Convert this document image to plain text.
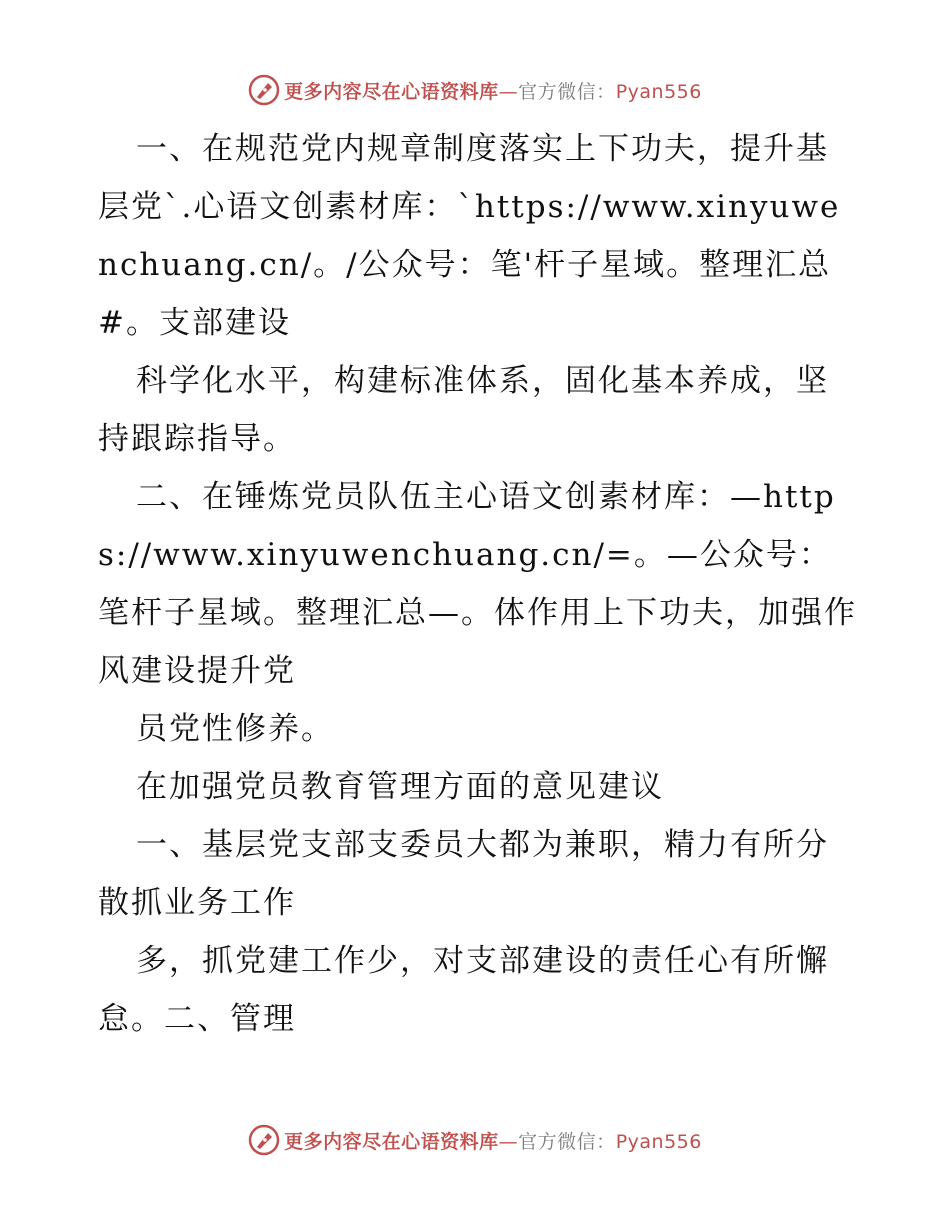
更多内容尽在心语资料库—官方微信：Pyan556

一、在规范党内规章制度落实上下功夫，提升基层党`.心语文创素材库：`https://www.xinyuwenchuang.cn/。/公众号：笔'杆子星域。整理汇总#。支部建设

科学化水平，构建标准体系，固化基本养成，坚持跟踪指导。

二、在锤炼党员队伍主心语文创素材库：—https://www.xinyuwenchuang.cn/=。—公众号：笔杆子星域。整理汇总—。体作用上下功夫，加强作风建设提升党

员党性修养。

在加强党员教育管理方面的意见建议

一、基层党支部支委员大都为兼职，精力有所分散抓业务工作

多，抓党建工作少，对支部建设的责任心有所懈怠。二、管理

更多内容尽在心语资料库—官方微信：Pyan556
